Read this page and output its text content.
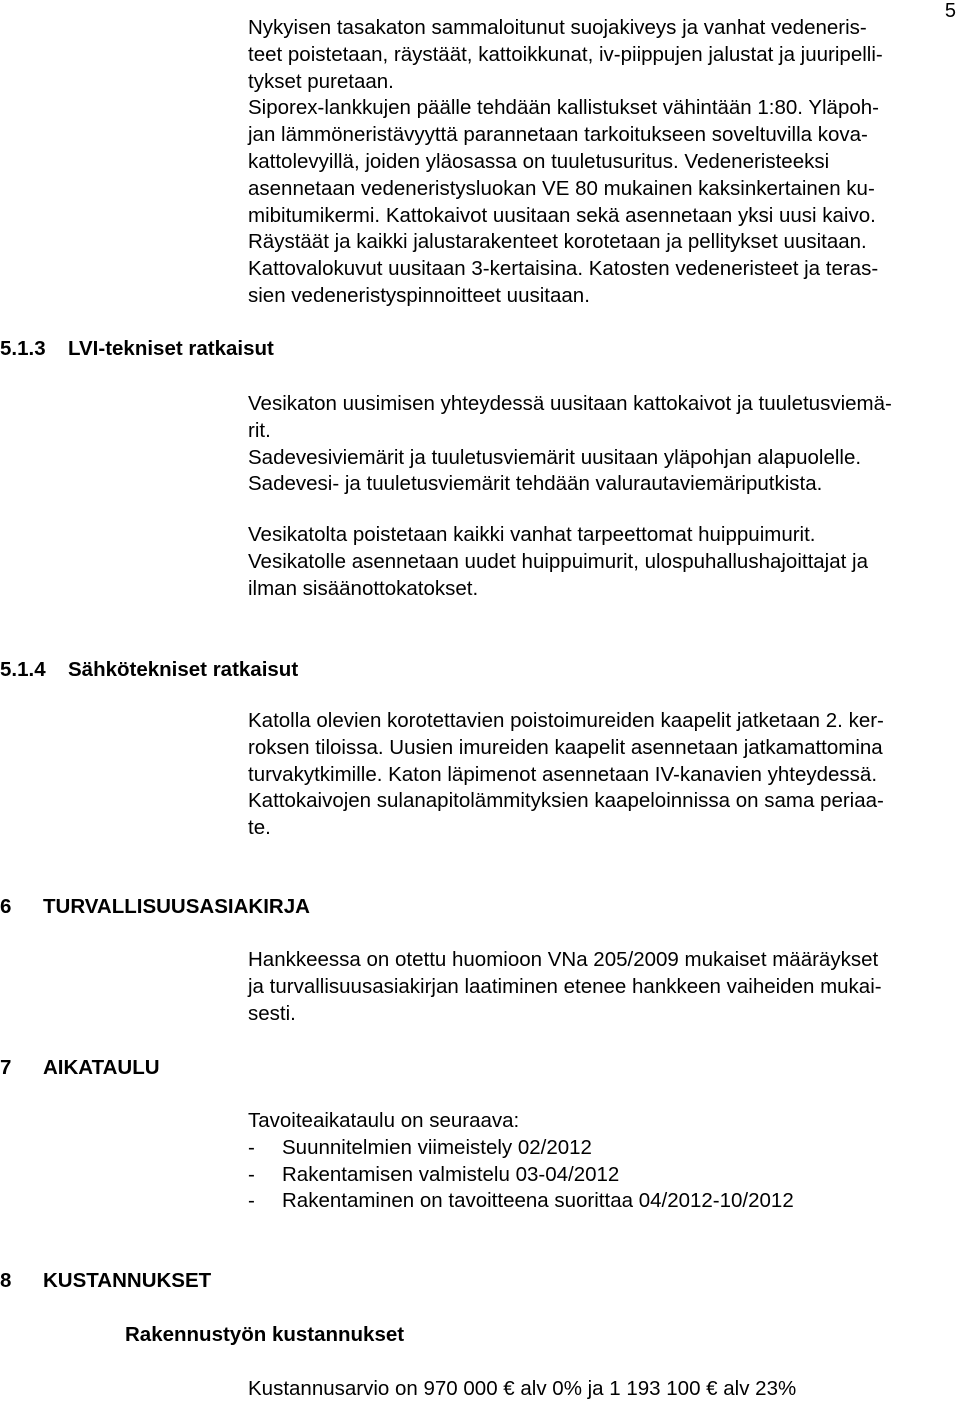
5
Nykyisen tasakaton sammaloitunut suojakiveys ja vanhat vedeneris-
teet poistetaan, räystäät, kattoikkunat, iv-piippujen jalustat ja juuripelli-
tykset puretaan.
Siporex-lankkujen päälle tehdään kallistukset vähintään 1:80. Yläpoh-
jan lämmöneristävyyttä parannetaan tarkoitukseen soveltuvilla kova-
kattolevyillä, joiden yläosassa on tuuletusuritus. Vedeneristeeksi
asennetaan vedeneristysluokan VE 80 mukainen kaksinkertainen ku-
mibitumikermi. Kattokaivot uusitaan sekä asennetaan yksi uusi kaivo.
Räystäät ja kaikki jalustarakenteet korotetaan ja pellitykset uusitaan.
Kattovalokuvut uusitaan 3-kertaisina. Katosten vedeneristeet ja teras-
sien vedeneristyspinnoitteet uusitaan.
5.1.3 LVI-tekniset ratkaisut
Vesikaton uusimisen yhteydessä uusitaan kattokaivot ja tuuletusviemä-
rit.
Sadevesiviemärit ja tuuletusviemärit uusitaan yläpohjan alapuolelle.
Sadevesi- ja tuuletusviemärit tehdään valurautaviemäriputkista.
Vesikatolta poistetaan kaikki vanhat tarpeettomat huippuimurit.
Vesikatolle asennetaan uudet huippuimurit, ulospuhallushajoittajat ja
ilman sisäänottokatokset.
5.1.4 Sähkötekniset ratkaisut
Katolla olevien korotettavien poistoimureiden kaapelit jatketaan 2. ker-
roksen tiloissa. Uusien imureiden kaapelit asennetaan jatkamattomina
turvakytkimille. Katon läpimenot asennetaan IV-kanavien yhteydessä.
Kattokaivojen sulanapitolämmityksien kaapeloinnissa on sama periaa-
te.
6 TURVALLISUUSASIAKIRJA
Hankkeessa on otettu huomioon VNa 205/2009 mukaiset määräykset
ja turvallisuusasiakirjan laatiminen etenee hankkeen vaiheiden mukai-
sesti.
7 AIKATAULU
Tavoiteaikataulu on seuraava:
- Suunnitelmien viimeistely 02/2012
- Rakentamisen valmistelu 03-04/2012
- Rakentaminen on tavoitteena suorittaa 04/2012-10/2012
8 KUSTANNUKSET
Rakennustyön kustannukset
Kustannusarvio on 970 000 € alv 0% ja 1 193 100 € alv 23%
